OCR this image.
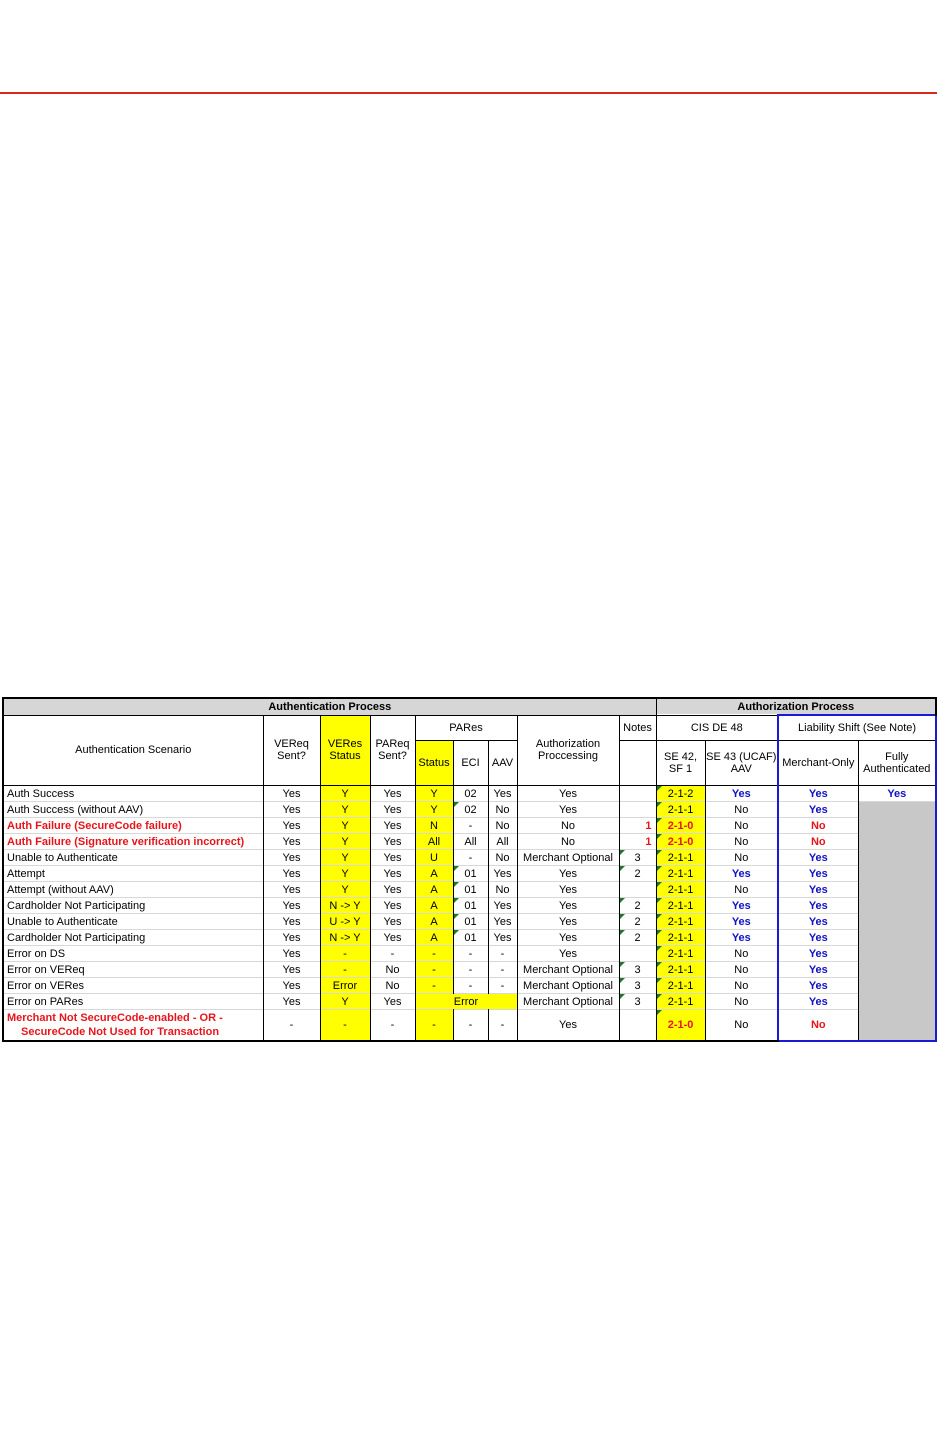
Authentication Process									Authorization Process			
Authentication Scenario	VEReq Sent?	VERes Status	PAReq Sent?	PARes			Authorization Proccessing	Notes	CIS DE 48		Liability Shift (See Note)	
				Status	ECI	AAV			SE 42, SF 1	SE 43 (UCAF) AAV	Merchant-Only	Fully Authenticated
Auth Success	Yes	Y	Yes	Y	02	Yes	Yes		2-1-2	Yes	Yes	Yes
Auth Success (without AAV)	Yes	Y	Yes	Y	02	No	Yes		2-1-1	No	Yes	
Auth Failure (SecureCode failure)	Yes	Y	Yes	N	-	No	No	1	2-1-0	No	No	
Auth Failure (Signature verification incorrect)	Yes	Y	Yes	All	All	All	No	1	2-1-0	No	No	
Unable to Authenticate	Yes	Y	Yes	U	-	No	Merchant Optional	3	2-1-1	No	Yes	
Attempt	Yes	Y	Yes	A	01	Yes	Yes	2	2-1-1	Yes	Yes	
Attempt (without AAV)	Yes	Y	Yes	A	01	No	Yes		2-1-1	No	Yes	
Cardholder Not Participating	Yes	N -> Y	Yes	A	01	Yes	Yes	2	2-1-1	Yes	Yes	
Unable to Authenticate	Yes	U -> Y	Yes	A	01	Yes	Yes	2	2-1-1	Yes	Yes	
Cardholder Not Participating	Yes	N -> Y	Yes	A	01	Yes	Yes	2	2-1-1	Yes	Yes	
Error on DS	Yes	-	-	-	-	-	Yes		2-1-1	No	Yes	
Error on VEReq	Yes	-	No	-	-	-	Merchant Optional	3	2-1-1	No	Yes	
Error on VERes	Yes	Error	No	-	-	-	Merchant Optional	3	2-1-1	No	Yes	
Error on PARes	Yes	Y	Yes	Error			Merchant Optional	3	2-1-1	No	Yes	

Merchant Not SecureCode-enabled - OR -
SecureCode Not Used for Transaction	-	-	-	-	-	-	Yes		2-1-0	No	No	
